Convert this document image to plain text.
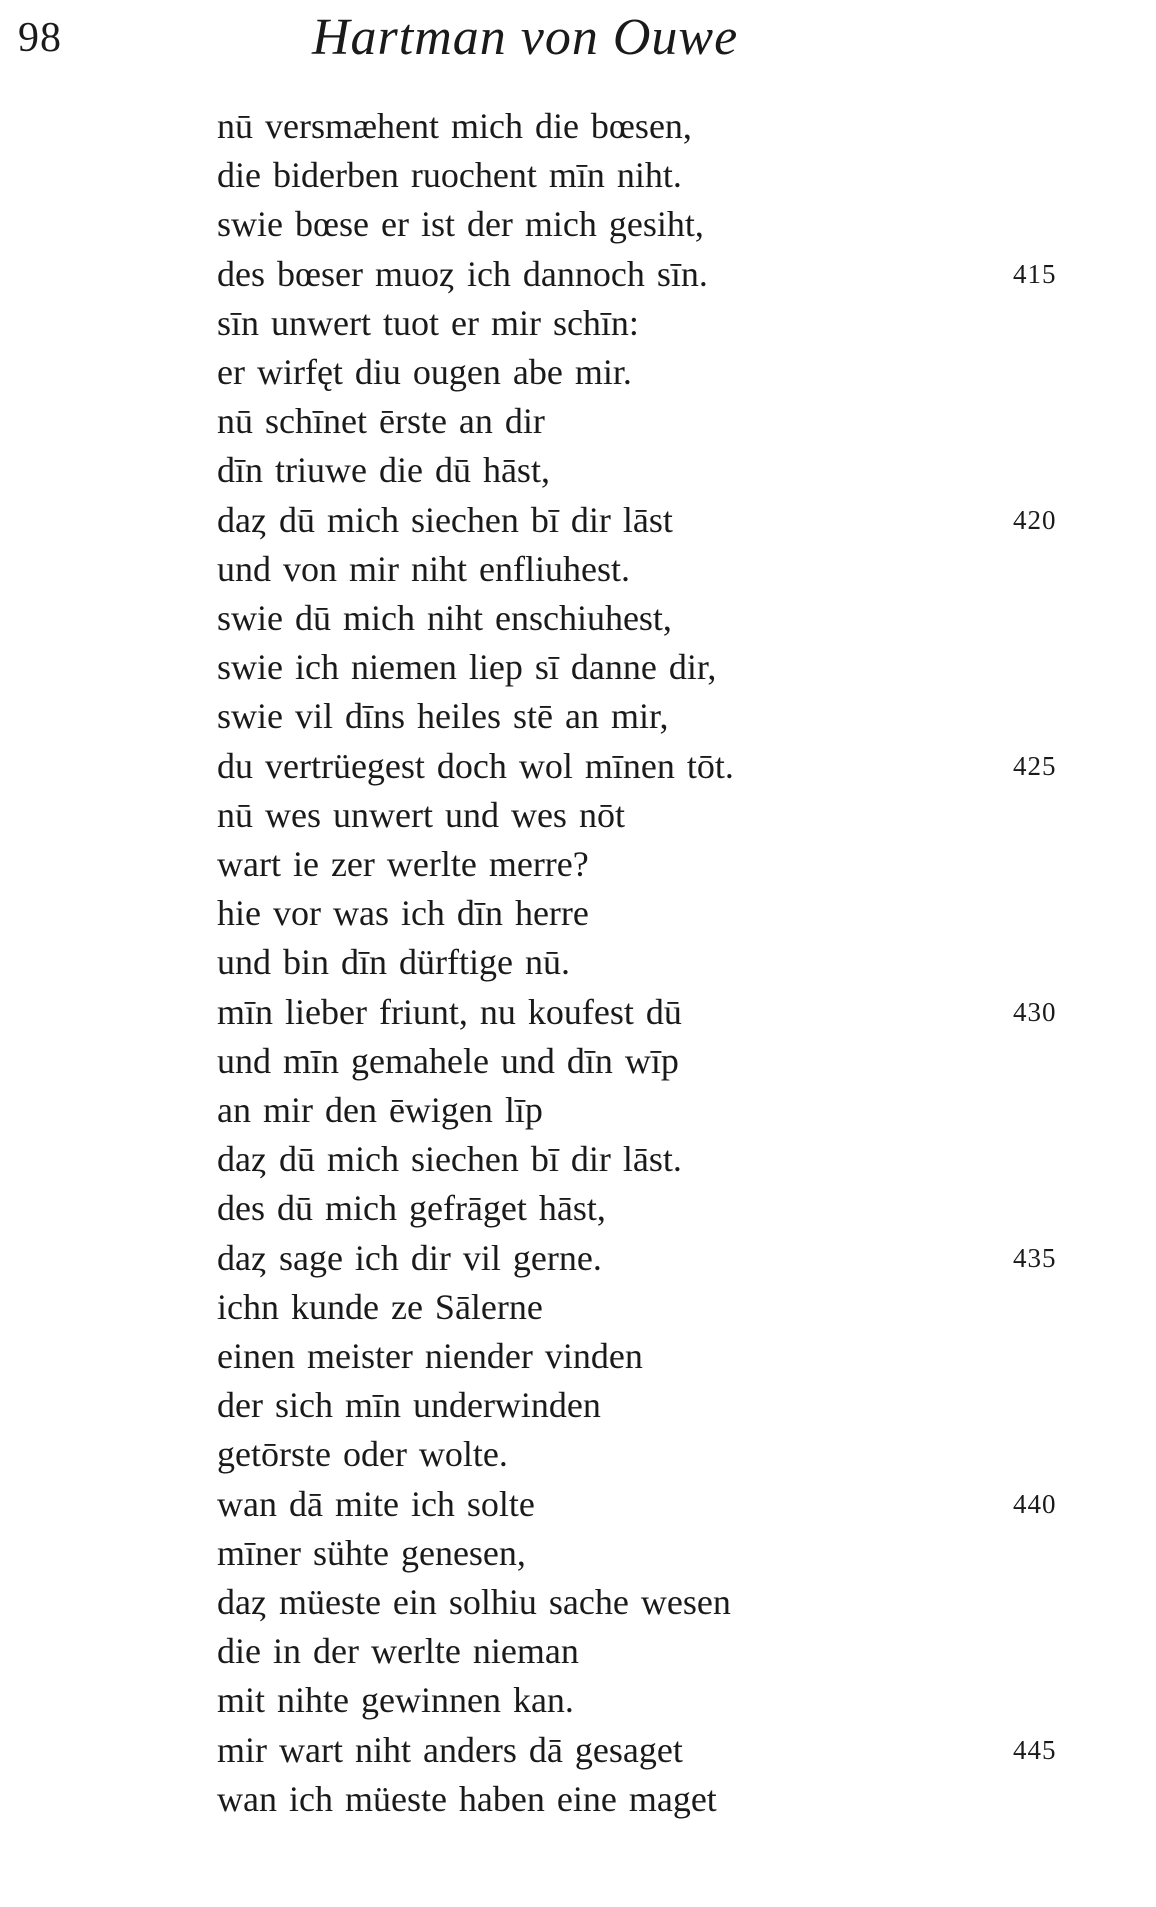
98	Hartman von Ouwe
nū versmæhent mich die bœsen,
die biderben ruochent mīn niht.
swie bœse er ist der mich gesiht,
des bœser muoȥ ich dannoch sīn.	415
sīn unwert tuot er mir schīn:
er wirfęt diu ougen abe mir.
nū schīnet ērste an dir
dīn triuwe die dū hāst,
daȥ dū mich siechen bī dir lāst	420
und von mir niht enfliuhest.
swie dū mich niht enschiuhest,
swie ich niemen liep sī danne dir,
swie vil dīns heiles stē an mir,
du vertrüegest doch wol mīnen tōt.	425
nū wes unwert und wes nōt
wart ie zer werlte merre?
hie vor was ich dīn herre
und bin dīn dürftige nū.
mīn lieber friunt, nu koufest dū	430
und mīn gemahele und dīn wīp
an mir den ēwigen līp
daȥ dū mich siechen bī dir lāst.
des dū mich gefrāget hāst,
daȥ sage ich dir vil gerne.	435
ichn kunde ze Sālerne
einen meister niender vinden
der sich mīn underwinden
getōrste oder wolte.
wan dā mite ich solte	440
mīner sühte genesen,
daȥ müeste ein solhiu sache wesen
die in der werlte nieman
mit nihte gewinnen kan.
mir wart niht anders dā gesaget	445
wan ich müeste haben eine maget
